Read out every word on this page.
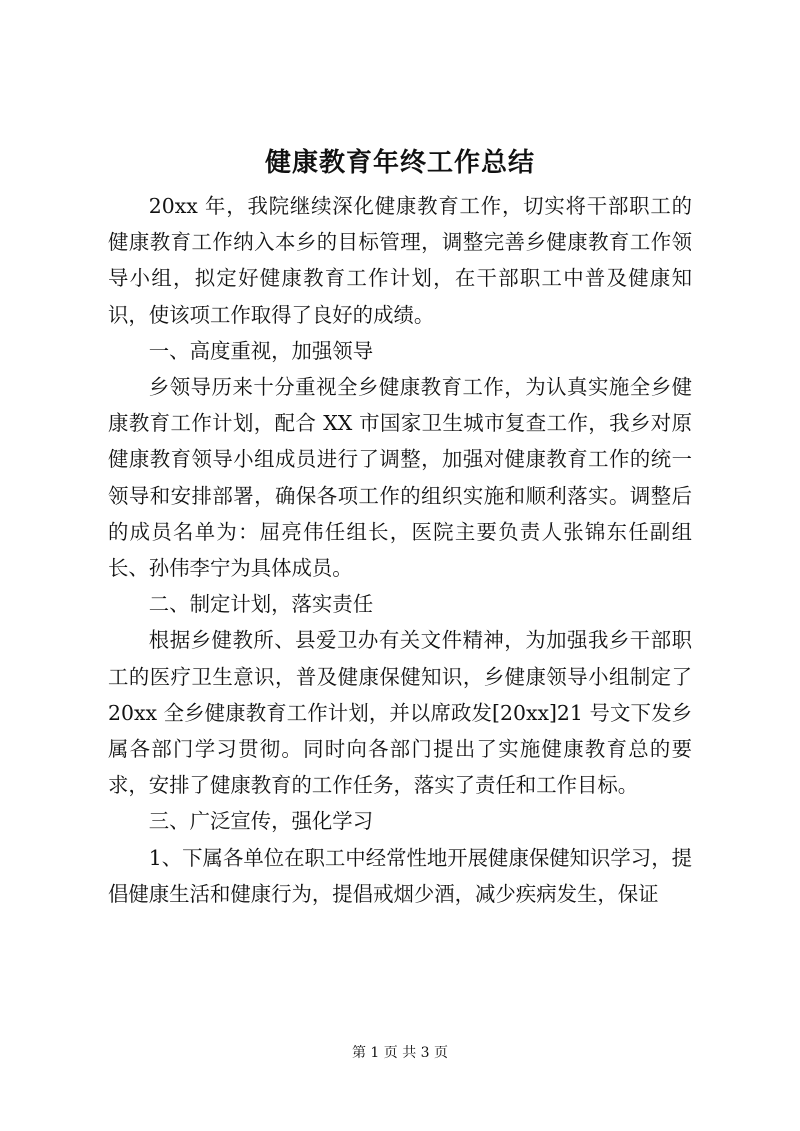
健康教育年终工作总结

20xx 年，我院继续深化健康教育工作，切实将干部职工的健康教育工作纳入本乡的目标管理，调整完善乡健康教育工作领导小组，拟定好健康教育工作计划，在干部职工中普及健康知识，使该项工作取得了良好的成绩。

一、高度重视，加强领导

乡领导历来十分重视全乡健康教育工作，为认真实施全乡健康教育工作计划，配合 XX 市国家卫生城市复查工作，我乡对原健康教育领导小组成员进行了调整，加强对健康教育工作的统一领导和安排部署，确保各项工作的组织实施和顺利落实。调整后的成员名单为：屈亮伟任组长，医院主要负责人张锦东任副组长、孙伟李宁为具体成员。

二、制定计划，落实责任

根据乡健教所、县爱卫办有关文件精神，为加强我乡干部职工的医疗卫生意识，普及健康保健知识，乡健康领导小组制定了 20xx 全乡健康教育工作计划，并以席政发[20xx]21 号文下发乡属各部门学习贯彻。同时向各部门提出了实施健康教育总的要求，安排了健康教育的工作任务，落实了责任和工作目标。

三、广泛宣传，强化学习

1、下属各单位在职工中经常性地开展健康保健知识学习，提倡健康生活和健康行为，提倡戒烟少酒，减少疾病发生，保证

第 1 页 共 3 页
